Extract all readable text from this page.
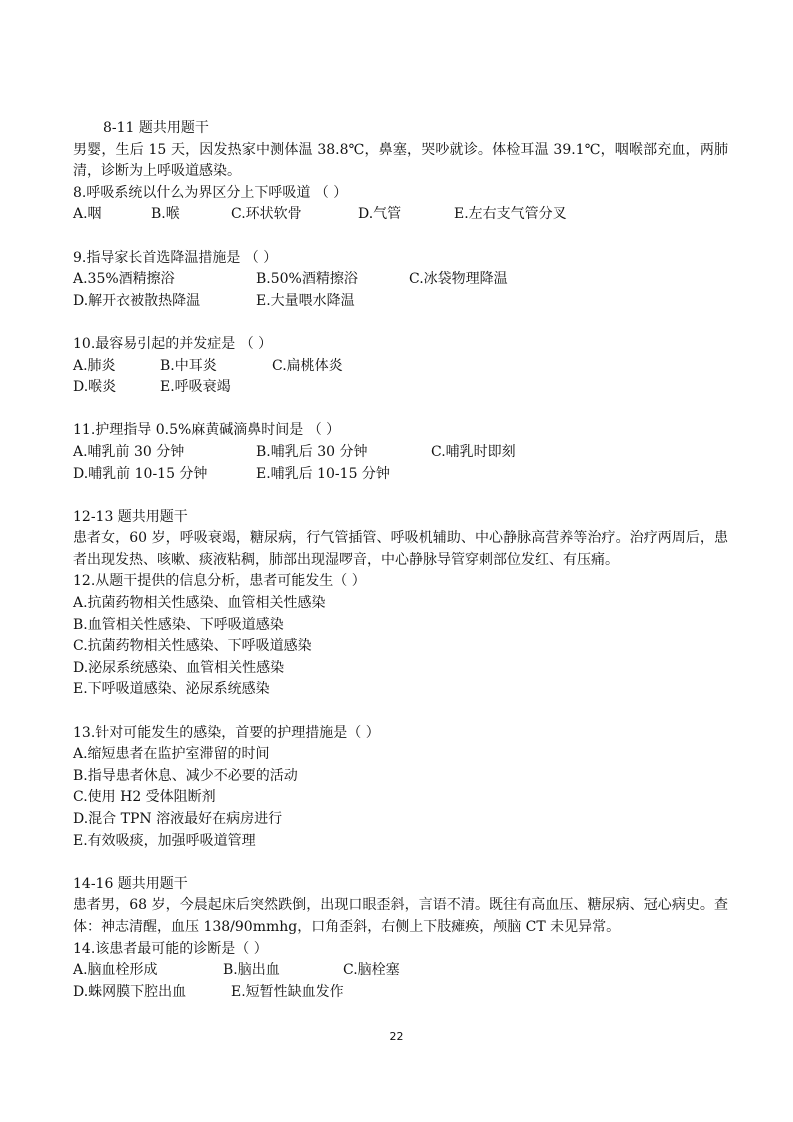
8-11 题共用题干
男婴，生后 15 天，因发热家中测体温 38.8℃，鼻塞，哭吵就诊。体检耳温 39.1℃，咽喉部充血，两肺清，诊断为上呼吸道感染。
8.呼吸系统以什么为界区分上下呼吸道 （ ）
A.咽	B.喉	C.环状软骨	D.气管	E.左右支气管分叉
9.指导家长首选降温措施是 （ ）
A.35%酒精擦浴	B.50%酒精擦浴	C.冰袋物理降温
D.解开衣被散热降温	E.大量喂水降温
10.最容易引起的并发症是 （ ）
A.肺炎	B.中耳炎	C.扁桃体炎
D.喉炎	E.呼吸衰竭
11.护理指导 0.5%麻黄碱滴鼻时间是 （ ）
A.哺乳前 30 分钟	B.哺乳后 30 分钟	C.哺乳时即刻
D.哺乳前 10-15 分钟	E.哺乳后 10-15 分钟
12-13 题共用题干
患者女，60 岁，呼吸衰竭，糖尿病，行气管插管、呼吸机辅助、中心静脉高营养等治疗。治疗两周后，患者出现发热、咳嗽、痰液粘稠，肺部出现湿啰音，中心静脉导管穿刺部位发红、有压痛。
12.从题干提供的信息分析，患者可能发生（ ）
A.抗菌药物相关性感染、血管相关性感染
B.血管相关性感染、下呼吸道感染
C.抗菌药物相关性感染、下呼吸道感染
D.泌尿系统感染、血管相关性感染
E.下呼吸道感染、泌尿系统感染
13.针对可能发生的感染，首要的护理措施是（ ）
A.缩短患者在监护室滞留的时间
B.指导患者休息、减少不必要的活动
C.使用 H2 受体阻断剂
D.混合 TPN 溶液最好在病房进行
E.有效吸痰，加强呼吸道管理
14-16 题共用题干
患者男，68 岁，今晨起床后突然跌倒，出现口眼歪斜，言语不清。既往有高血压、糖尿病、冠心病史。查体：神志清醒，血压 138/90mmhg，口角歪斜，右侧上下肢瘫痪，颅脑 CT 未见异常。
14.该患者最可能的诊断是（ ）
A.脑血栓形成	B.脑出血	C.脑栓塞
D.蛛网膜下腔出血	E.短暂性缺血发作
22
